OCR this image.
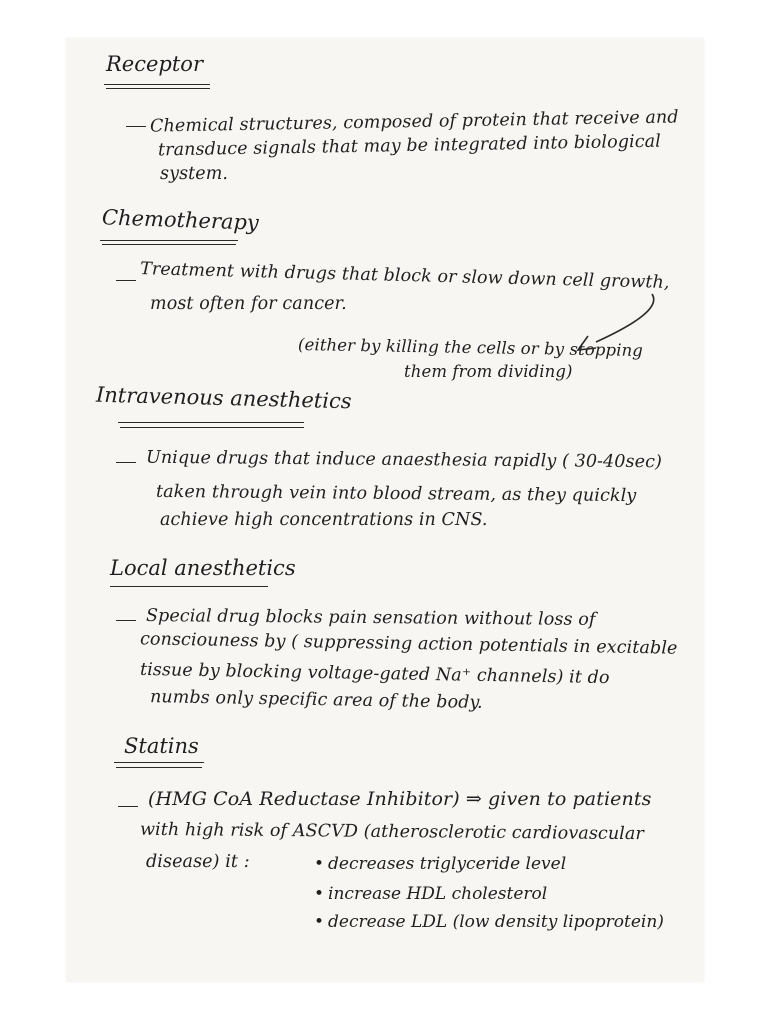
Receptor
Chemical structures, composed of protein that receive and
transduce signals that may be integrated into biological
system.
Chemotherapy
Treatment with drugs that block or slow down cell growth,
most often for cancer.
(either by killing the cells or by stopping
them from dividing)
Intravenous anesthetics
Unique drugs that induce anaesthesia rapidly ( 30-40sec)
taken through vein into blood stream, as they quickly
achieve high concentrations in CNS.
Local anesthetics
Special drug blocks pain sensation without loss of
consciouness by ( suppressing action potentials in excitable
tissue by blocking voltage-gated Na⁺ channels) it do
numbs only specific area of the body.
Statins
(HMG CoA Reductase Inhibitor) ⇒ given to patients
with high risk of ASCVD (atherosclerotic cardiovascular
disease) it :
•	decreases triglyceride level
• increase HDL cholesterol
• decrease LDL (low density lipoprotein)
